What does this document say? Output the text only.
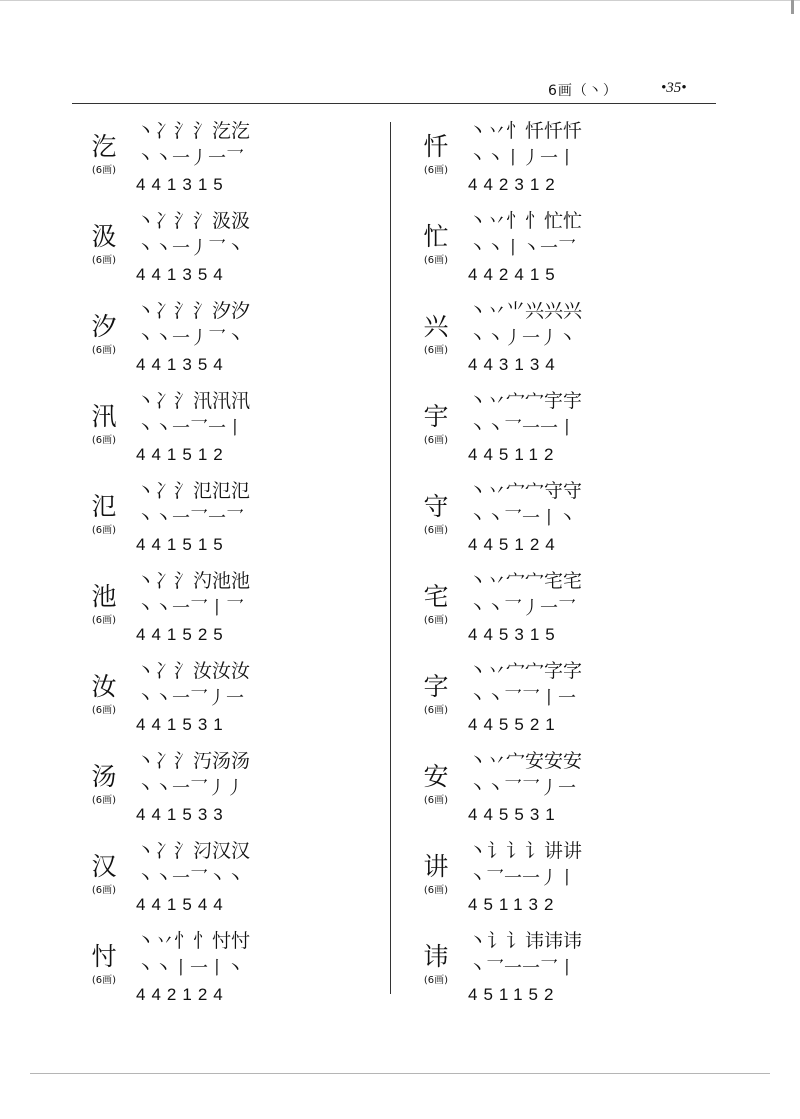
6画（丶）	•35•
汔
(6画)
丶冫氵氵汔汔
丶丶一丿一乛
441315
汲
(6画)
丶冫氵氵汲汲
丶丶一丿乛丶
441354
汐
(6画)
丶冫氵氵汐汐
丶丶一丿乛丶
441354
汛
(6画)
丶冫氵汛汛汛
丶丶一乛一丨
441512
氾
(6画)
丶冫氵氾氾氾
丶丶一乛一乛
441515
池
(6画)
丶冫氵汋池池
丶丶一乛丨乛
441525
汝
(6画)
丶冫氵汝汝汝
丶丶一乛丿一
441531
汤
(6画)
丶冫氵汅汤汤
丶丶一乛丿丿
441533
汉
(6画)
丶冫氵汈汉汉
丶丶一乛丶丶
441544
忖
(6画)
丶丷忄忄忖忖
丶丶丨一丨丶
442124
忏
(6画)
丶丷忄忏忏忏
丶丶丨丿一丨
442312
忙
(6画)
丶丷忄忄忙忙
丶丶丨丶一乛
442415
兴
(6画)
丶丷⺌兴兴兴
丶丶丿一丿丶
443134
宇
(6画)
丶丷宀宀宇宇
丶丶乛一一丨
445112
守
(6画)
丶丷宀宀守守
丶丶乛一丨丶
445124
宅
(6画)
丶丷宀宀宅宅
丶丶乛丿一乛
445315
字
(6画)
丶丷宀宀字字
丶丶乛乛丨一
445521
安
(6画)
丶丷宀安安安
丶丶乛乛丿一
445531
讲
(6画)
丶讠讠讠讲讲
丶乛一一丿丨
451132
讳
(6画)
丶讠讠讳讳讳
丶乛一一乛丨
451152
